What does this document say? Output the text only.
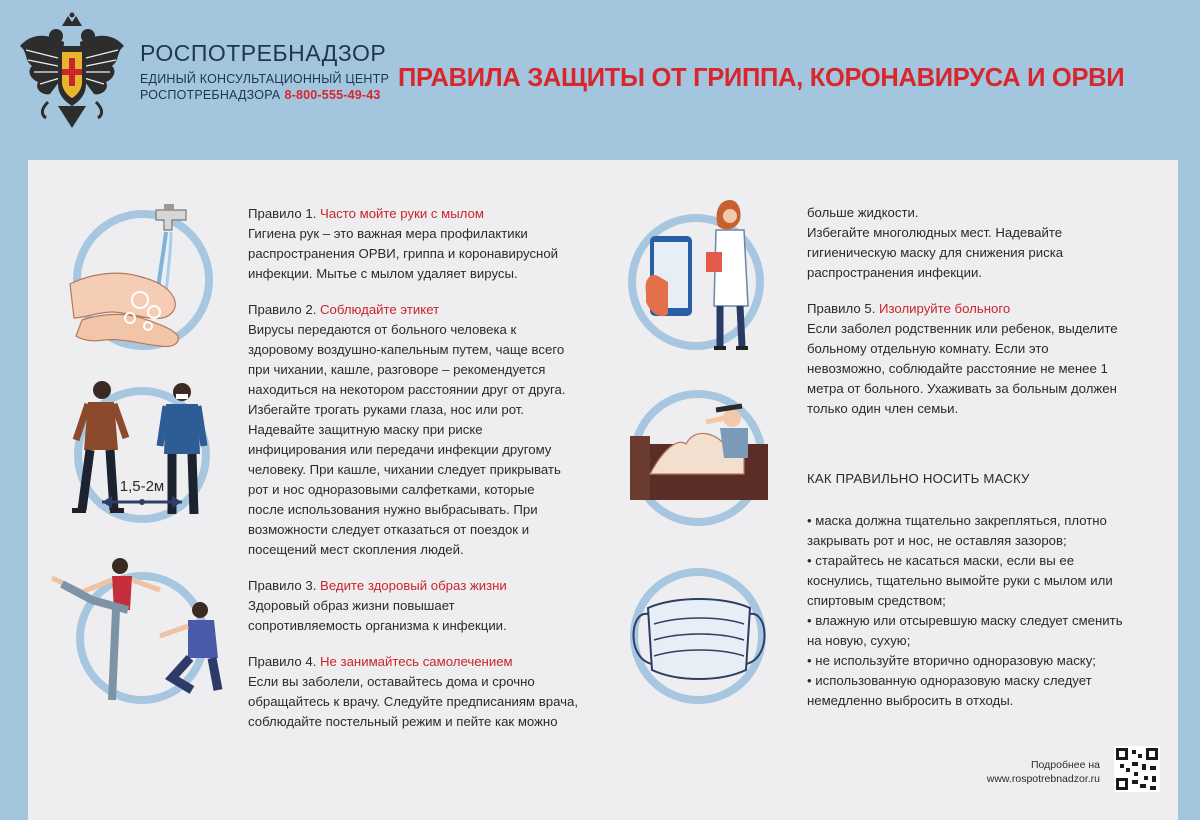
РОСПОТРЕБНАДЗОР
ЕДИНЫЙ КОНСУЛЬТАЦИОННЫЙ ЦЕНТР
РОСПОТРЕБНАДЗОРА 8-800-555-49-43
ПРАВИЛА ЗАЩИТЫ ОТ ГРИППА, КОРОНАВИРУСА И ОРВИ
1,5-2м

Правило 1. Часто мойте руки с мылом

Гигиена рук – это важная мера профилактики

распространения ОРВИ, гриппа и коронавирусной

инфекции. Мытье с мылом удаляет вирусы.

Правило 2. Соблюдайте этикет

Вирусы передаются от больного человека к

здоровому воздушно-капельным путем, чаще всего

при чихании, кашле, разговоре – рекомендуется

находиться на некотором расстоянии друг от друга.

Избегайте трогать руками глаза, нос или рот.

Надевайте защитную маску при риске

инфицирования или передачи инфекции другому

человеку. При кашле, чихании следует прикрывать

рот и нос одноразовыми салфетками, которые

после использования нужно выбрасывать. При

возможности следует отказаться от поездок и

посещений мест скопления людей.

Правило 3. Ведите здоровый образ жизни

Здоровый образ жизни повышает

сопротивляемость организма к инфекции.

Правило 4. Не занимайтесь самолечением

Если вы заболели, оставайтесь дома и срочно

обращайтесь к врачу. Следуйте предписаниям врача,

соблюдайте постельный режим и пейте как можно

больше жидкости.

Избегайте многолюдных мест. Надевайте

гигиеническую маску для снижения риска

распространения инфекции.

Правило 5. Изолируйте больного

Если заболел родственник или ребенок, выделите

больному отдельную комнату. Если это

невозможно, соблюдайте расстояние не менее 1

метра от больного. Ухаживать за больным должен

только один член семьи.

КАК ПРАВИЛЬНО НОСИТЬ МАСКУ

• маска должна тщательно закрепляться, плотно

закрывать рот и нос, не оставляя зазоров;

• старайтесь не касаться маски, если вы ее

коснулись, тщательно вымойте руки с мылом или

спиртовым средством;

• влажную или отсыревшую маску следует сменить

на новую, сухую;

• не используйте вторично одноразовую маску;

• использованную одноразовую маску следует

немедленно выбросить в отходы.

Подробнее на
www.rospotrebnadzor.ru
